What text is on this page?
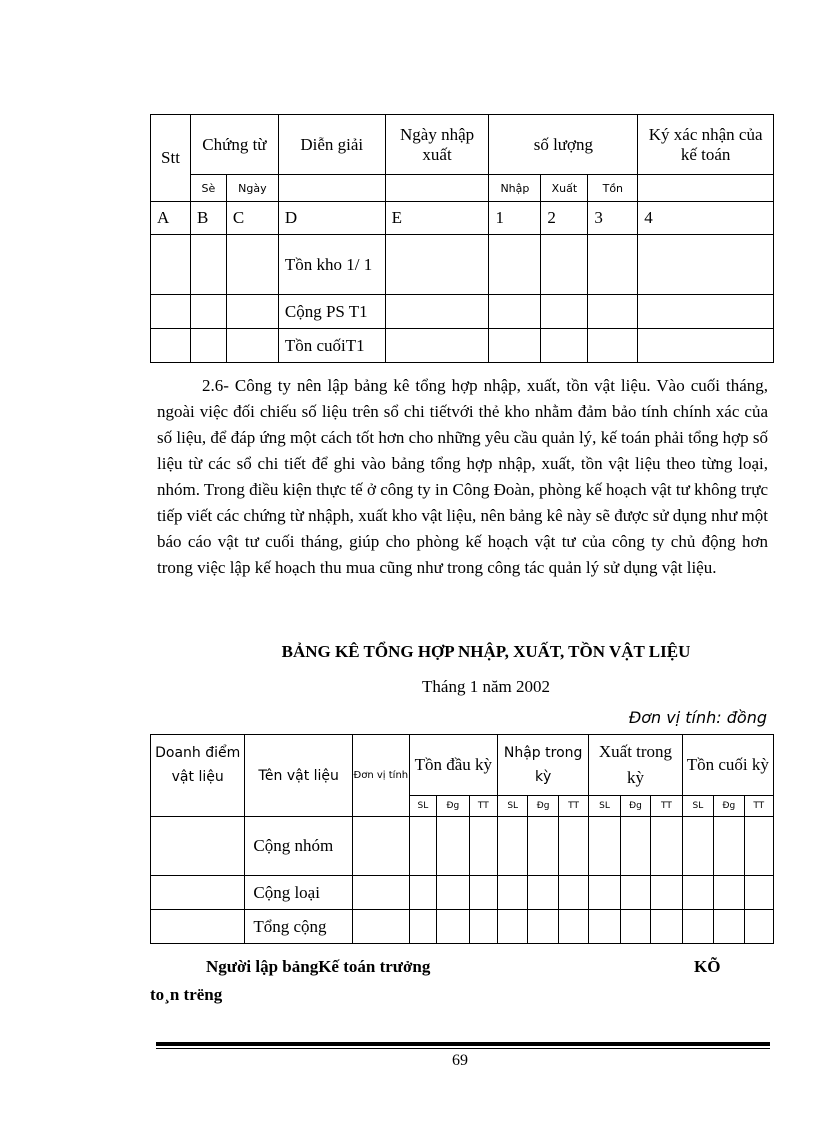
Stt	Chứng từ		Diễn giải	Ngày nhập xuất	số lượng			Ký xác nhận của kế toán
	Sè	Ngày			Nhập	Xuất	Tồn	
A	B	C	D	E	1	2	3	4
			Tồn kho 1/ 1					
			Cộng PS T1					
			Tồn cuốiT1					

2.6- Công ty nên lập bảng kê tổng hợp nhập, xuất, tồn vật liệu. Vào cuối tháng, ngoài việc đối chiếu số liệu trên sổ chi tiếtvới thẻ kho nhằm đảm bảo tính chính xác của số liệu, để đáp ứng một cách tốt hơn cho những yêu cầu quản lý, kế toán phải tổng hợp số liệu từ các sổ chi tiết để ghi vào bảng tổng hợp nhập, xuất, tồn vật liệu theo từng loại, nhóm. Trong điều kiện thực tế ở công ty in Công Đoàn, phòng kế hoạch vật tư không trực tiếp viết các chứng từ nhậph, xuất kho vật liệu, nên bảng kê này sẽ được sử dụng như một báo cáo vật tư cuối tháng, giúp cho phòng kế hoạch vật tư của công ty chủ động hơn trong việc lập kế hoạch thu mua cũng như trong công tác quản lý sử dụng vật liệu.

BẢNG KÊ TỔNG HỢP NHẬP, XUẤT, TỒN VẬT LIỆU
Tháng 1 năm 2002
Đơn vị tính: đồng
Doanh điểm vật liệu	Tên vật liệu	Đơn vị tính	Tồn đầu kỳ			Nhập trong kỳ			Xuất trong kỳ			Tồn cuối kỳ		
			SL	Đg	TT	SL	Đg	TT	SL	Đg	TT	SL	Đg	TT
	Cộng nhóm													
	Cộng loại													
	Tổng cộng													
Người lập bảngKế toán trưởng	KÕ
to¸n trëng
69
